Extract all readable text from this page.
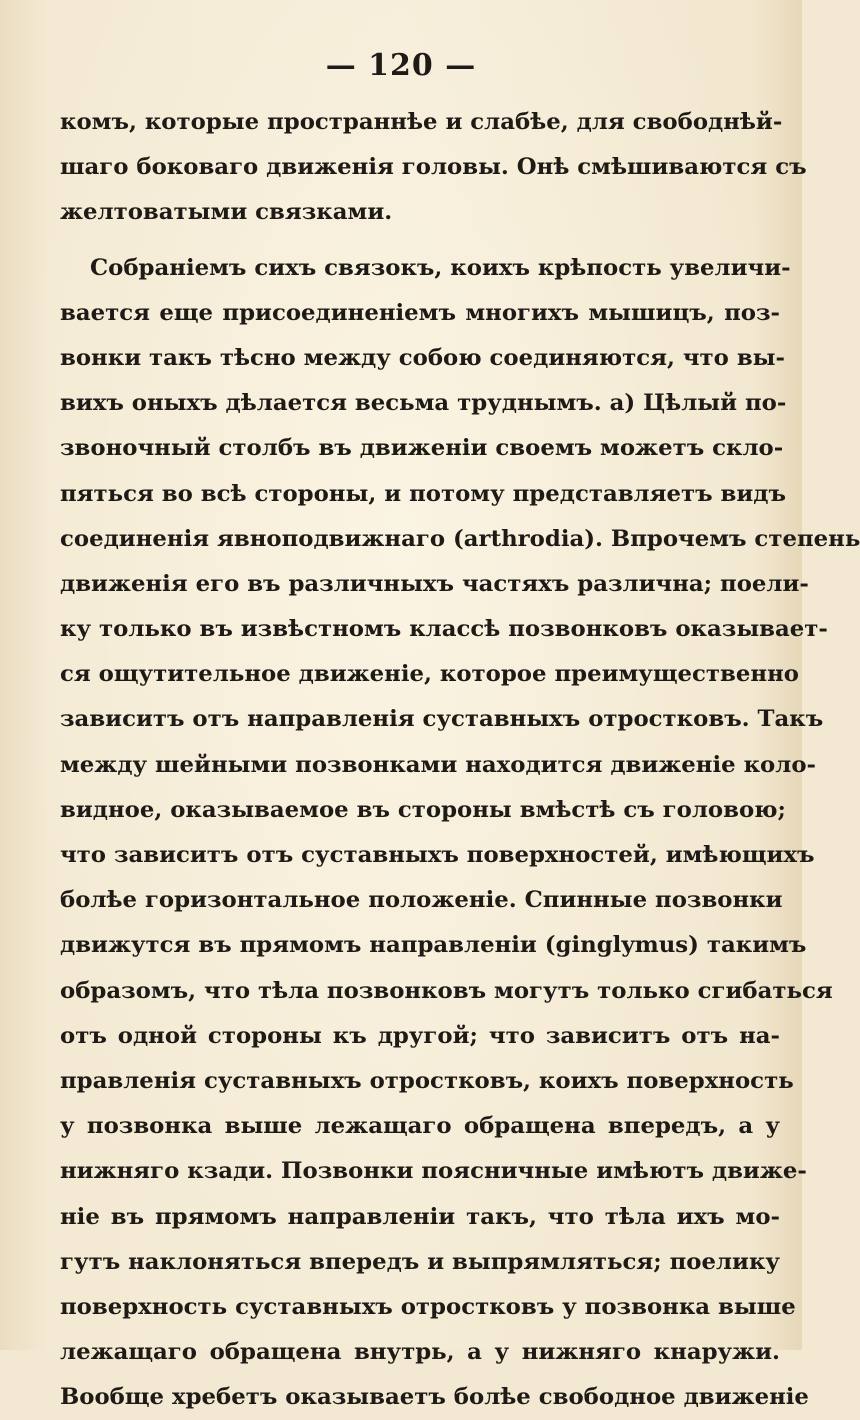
— 120 —
комъ, которые пространнѣе и слабѣе, для свободнѣй-
шаго боковаго движенія головы. Онѣ смѣшиваются съ
желтоватыми связками.
Собраніемъ сихъ связокъ, коихъ крѣпость увеличи-
вается еще присоединеніемъ многихъ мышицъ, поз-
вонки такъ тѣсно между собою соединяются, что вы-
виxъ оныхъ дѣлается весьма труднымъ. а) Цѣлый по-
звоночный столбъ въ движеніи своемъ можетъ скло-
пяться во всѣ стороны, и потому представляетъ видъ
соединенія явноподвижнаго (arthrodia). Впрочемъ степень
движенія его въ различныхъ частяхъ различна; поели-
ку только въ извѣстномъ классѣ позвонковъ оказывает-
ся ощутительное движеніе, которое преимущественно
зависитъ отъ направленія суставныхъ отростковъ. Такъ
между шейными позвонками находится движеніе коло-
видное, оказываемое въ стороны вмѣстѣ съ головою;
что зависитъ отъ суставныхъ поверхностей, имѣющихъ
болѣе горизонтальное положеніе. Спинные позвонки
движутся въ прямомъ направленіи (ginglymus) такимъ
образомъ, что тѣла позвонковъ могутъ только сгибаться
отъ одной стороны къ другой; что зависитъ отъ на-
правленія суставныхъ отростковъ, коихъ поверхность
у позвонка выше лежащаго обращена впередъ, а у
нижняго кзади. Позвонки поясничные имѣютъ движе-
ніе въ прямомъ направленіи такъ, что тѣла ихъ мо-
гутъ наклоняться впередъ и выпрямляться; поелику
поверхность суставныхъ отростковъ у позвонка выше
лежащаго обращена внутрь, а у нижняго кнаружи.
Вообще хребетъ оказываетъ болѣе свободное движеніе
